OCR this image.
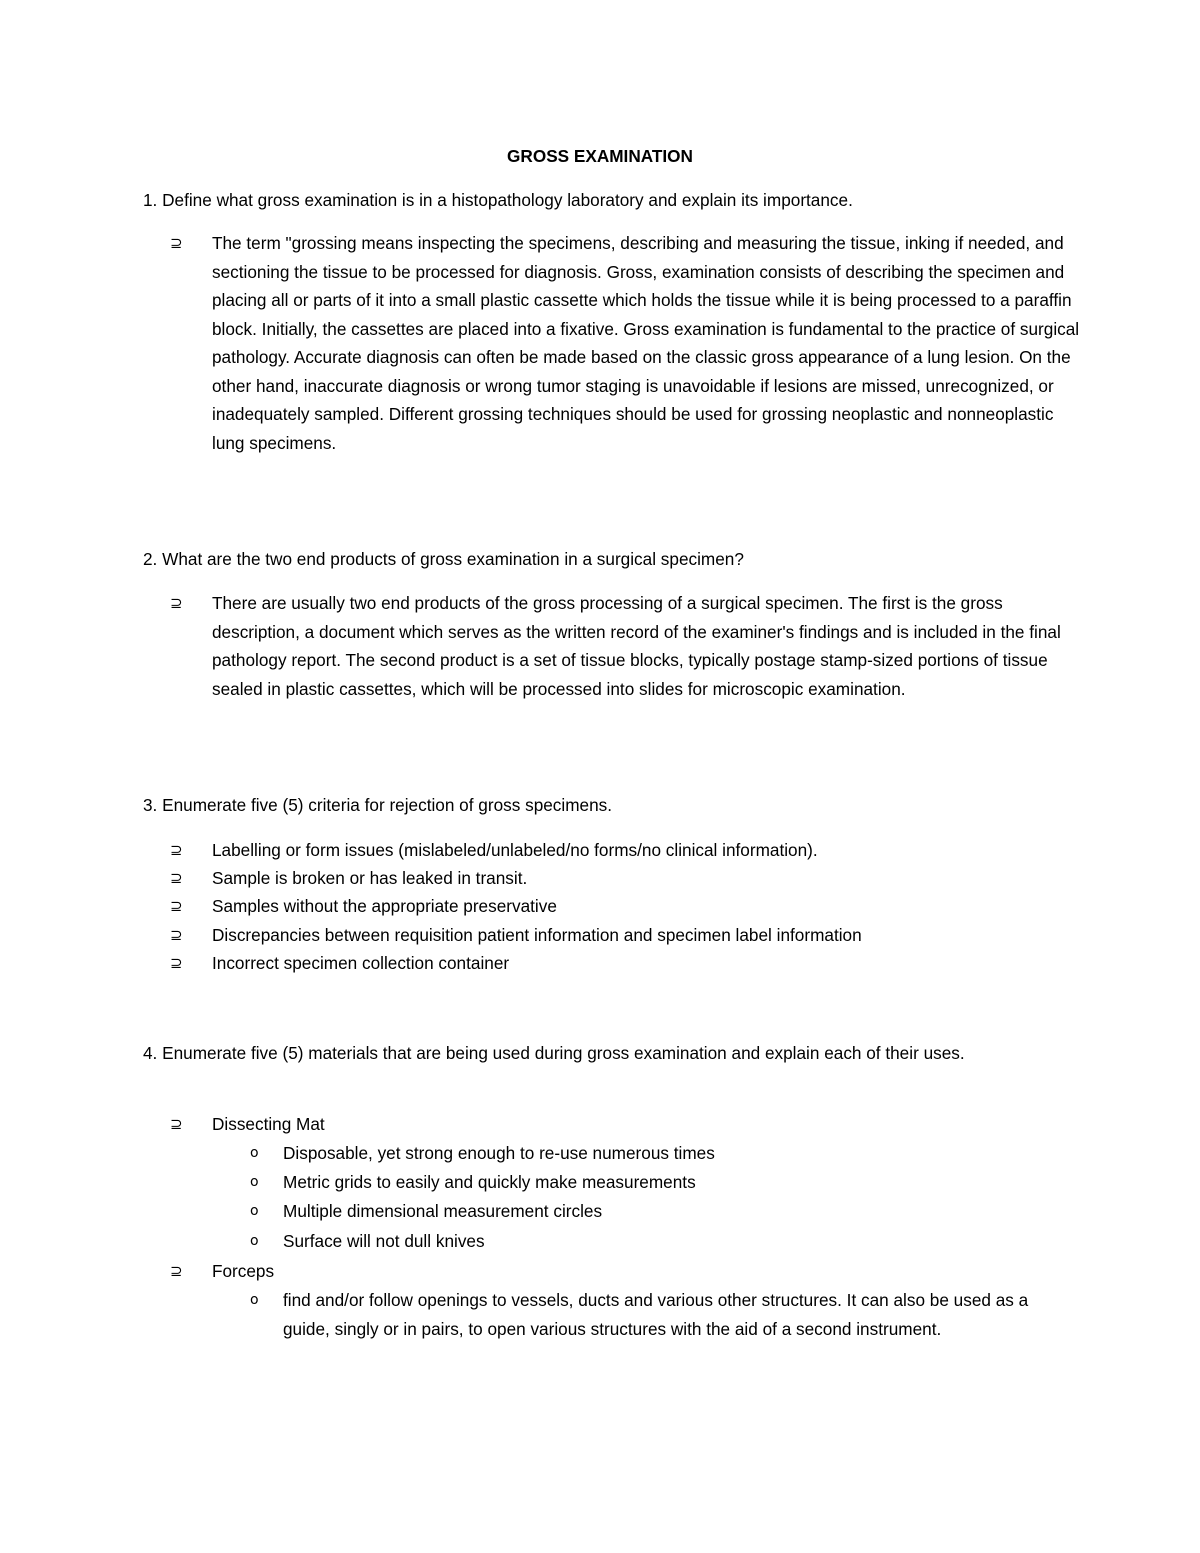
GROSS EXAMINATION
1. Define what gross examination is in a histopathology laboratory and explain its importance.
⊇	The term "grossing means inspecting the specimens, describing and measuring the tissue, inking if needed, and sectioning the tissue to be processed for diagnosis. Gross, examination consists of describing the specimen and placing all or parts of it into a small plastic cassette which holds the tissue while it is being processed to a paraffin block. Initially, the cassettes are placed into a fixative. Gross examination is fundamental to the practice of surgical pathology. Accurate diagnosis can often be made based on the classic gross appearance of a lung lesion. On the other hand, inaccurate diagnosis or wrong tumor staging is unavoidable if lesions are missed, unrecognized, or inadequately sampled. Different grossing techniques should be used for grossing neoplastic and nonneoplastic lung specimens.
2. What are the two end products of gross examination in a surgical specimen?
⊇	There are usually two end products of the gross processing of a surgical specimen. The first is the gross description, a document which serves as the written record of the examiner's findings and is included in the final pathology report. The second product is a set of tissue blocks, typically postage stamp-sized portions of tissue sealed in plastic cassettes, which will be processed into slides for microscopic examination.
3. Enumerate five (5) criteria for rejection of gross specimens.
⊇	Labelling or form issues (mislabeled/unlabeled/no forms/no clinical information).
⊇	Sample is broken or has leaked in transit.
⊇	Samples without the appropriate preservative
⊇	Discrepancies between requisition patient information and specimen label information
⊇	Incorrect specimen collection container
4. Enumerate five (5) materials that are being used during gross examination and explain each of their uses.
⊇	Dissecting Mat
o	Disposable, yet strong enough to re-use numerous times
o	Metric grids to easily and quickly make measurements
o	Multiple dimensional measurement circles
o	Surface will not dull knives
⊇	Forceps
o	find and/or follow openings to vessels, ducts and various other structures. It can also be used as a guide, singly or in pairs, to open various structures with the aid of a second instrument.
